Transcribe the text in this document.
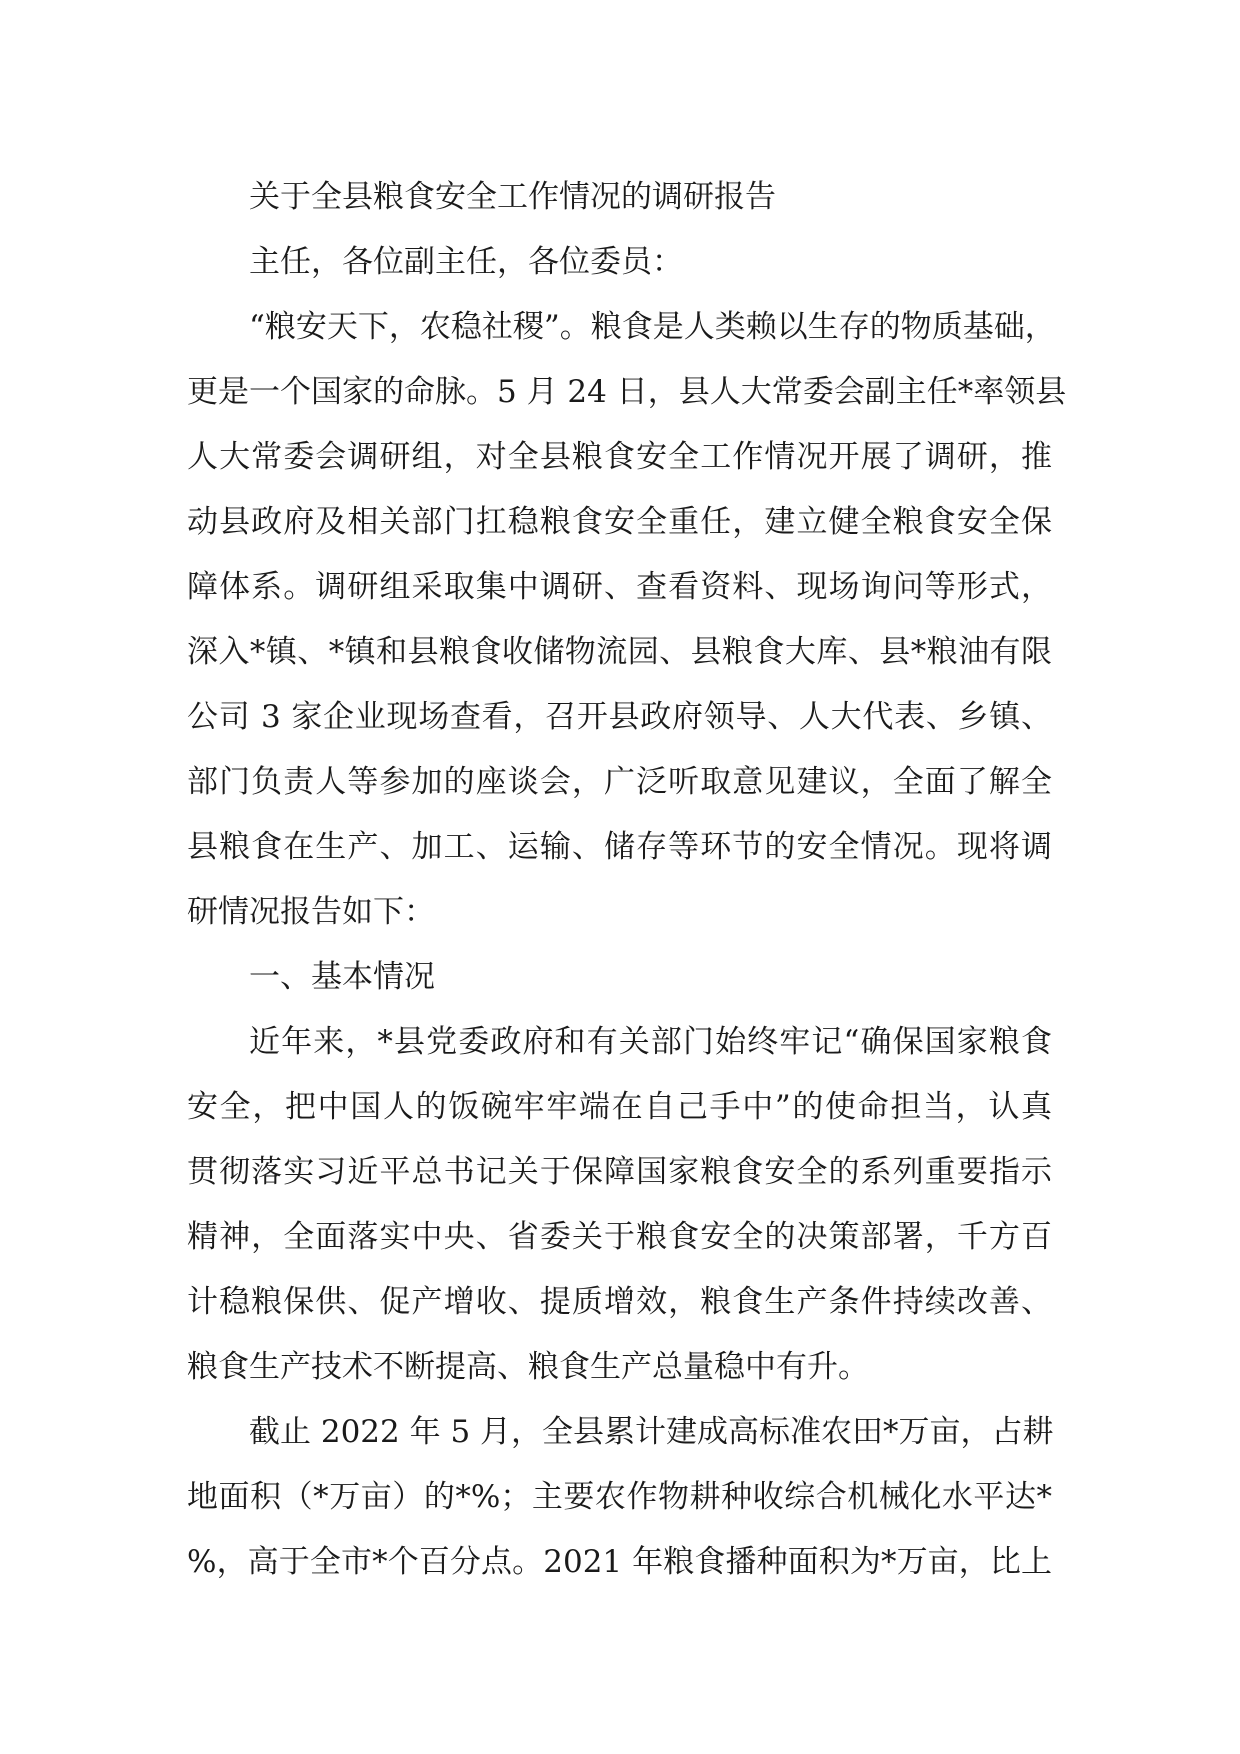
关于全县粮食安全工作情况的调研报告
主任，各位副主任，各位委员：
“粮安天下，农稳社稷”。粮食是人类赖以生存的物质基础，
更是一个国家的命脉。5 月 24 日，县人大常委会副主任*率领县
人大常委会调研组，对全县粮食安全工作情况开展了调研，推
动县政府及相关部门扛稳粮食安全重任，建立健全粮食安全保
障体系。调研组采取集中调研、查看资料、现场询问等形式，
深入*镇、*镇和县粮食收储物流园、县粮食大库、县*粮油有限
公司 3 家企业现场查看，召开县政府领导、人大代表、乡镇、
部门负责人等参加的座谈会，广泛听取意见建议，全面了解全
县粮食在生产、加工、运输、储存等环节的安全情况。现将调
研情况报告如下：
一、基本情况
近年来，*县党委政府和有关部门始终牢记“确保国家粮食
安全，把中国人的饭碗牢牢端在自己手中”的使命担当，认真
贯彻落实习近平总书记关于保障国家粮食安全的系列重要指示
精神，全面落实中央、省委关于粮食安全的决策部署，千方百
计稳粮保供、促产增收、提质增效，粮食生产条件持续改善、
粮食生产技术不断提高、粮食生产总量稳中有升。
截止 2022 年 5 月，全县累计建成高标准农田*万亩，占耕
地面积（*万亩）的*%；主要农作物耕种收综合机械化水平达*
%，高于全市*个百分点。2021 年粮食播种面积为*万亩，比上
